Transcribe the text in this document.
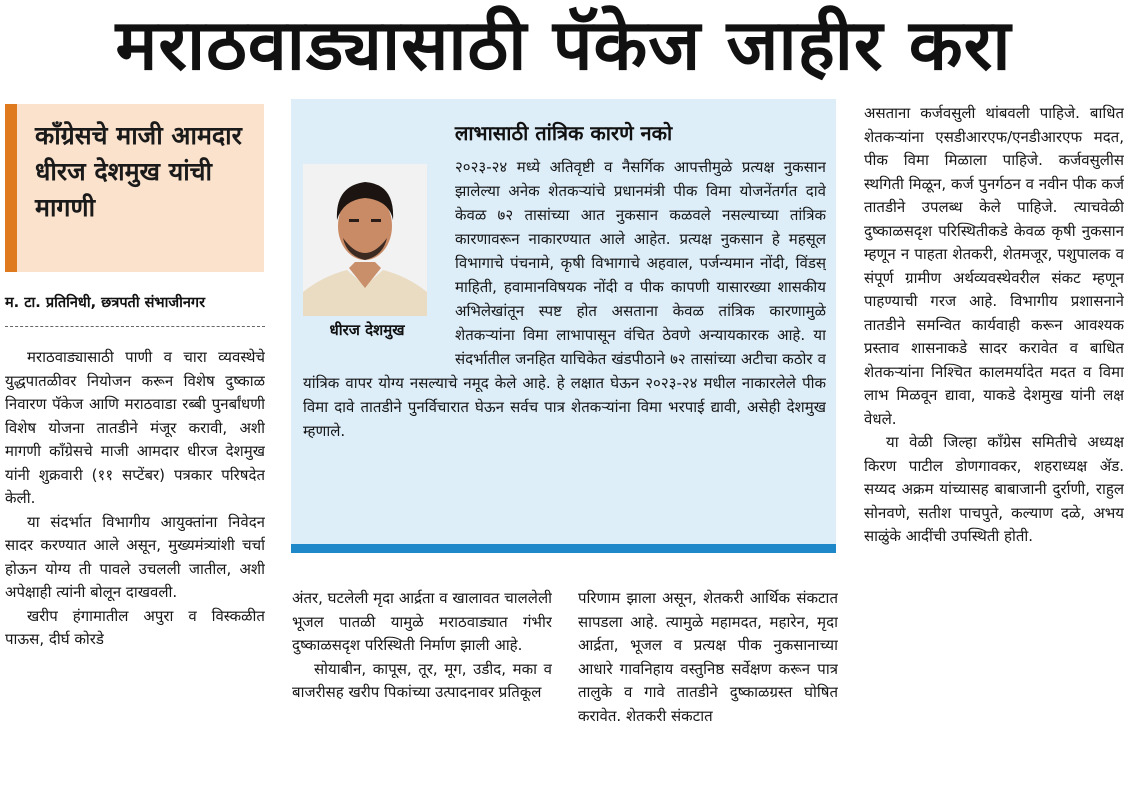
मराठवाड्यासाठी पॅकेज जाहीर करा
काँग्रेसचे माजी आमदार धीरज देशमुख यांची मागणी
म. टा. प्रतिनिधी, छत्रपती संभाजीनगर

मराठवाड्यासाठी पाणी व चारा व्यवस्थेचे युद्धपातळीवर नियोजन करून विशेष दुष्काळ निवारण पॅकेज आणि मराठवाडा रब्बी पुनर्बांधणी विशेष योजना तातडीने मंजूर करावी, अशी मागणी काँग्रेसचे माजी आमदार धीरज देशमुख यांनी शुक्रवारी (११ सप्टेंबर) पत्रकार परिषदेत केली.

या संदर्भात विभागीय आयुक्तांना निवेदन सादर करण्यात आले असून, मुख्यमंत्र्यांशी चर्चा होऊन योग्य ती पावले उचलली जातील, अशी अपेक्षाही त्यांनी बोलून दाखवली.

खरीप हंगामातील अपुरा व विस्कळीत पाऊस, दीर्घ कोरडे

लाभासाठी तांत्रिक कारणे नको

२०२३-२४ मध्ये अतिवृष्टी व नैसर्गिक आपत्तीमुळे प्रत्यक्ष नुकसान झालेल्या अनेक शेतकऱ्यांचे प्रधानमंत्री पीक विमा योजनेंतर्गत दावे केवळ ७२ तासांच्या आत नुकसान कळवले नसल्याच्या तांत्रिक कारणावरून नाकारण्यात आले आहेत. प्रत्यक्ष नुकसान हे महसूल विभागाचे पंचनामे, कृषी विभागाचे अहवाल, पर्जन्यमान नोंदी, विंडस् माहिती, हवामानविषयक नोंदी व पीक कापणी यासारख्या शासकीय अभिलेखांतून स्पष्ट होत असताना केवळ तांत्रिक कारणामुळे शेतकऱ्यांना विमा लाभापासून वंचित ठेवणे अन्यायकारक आहे. या संदर्भातील जनहित याचिकेत खंडपीठाने ७२ तासांच्या अटीचा कठोर व यांत्रिक वापर योग्य नसल्याचे नमूद केले आहे. हे लक्षात घेऊन २०२३-२४ मधील नाकारलेले पीक विमा दावे तातडीने पुनर्विचारात घेऊन सर्वच पात्र शेतकऱ्यांना विमा भरपाई द्यावी, असेही देशमुख म्हणाले.

धीरज देशमुख

अंतर, घटलेली मृदा आर्द्रता व खालावत चाललेली भूजल पातळी यामुळे मराठवाड्यात गंभीर दुष्काळसदृश परिस्थिती निर्माण झाली आहे.

सोयाबीन, कापूस, तूर, मूग, उडीद, मका व बाजरीसह खरीप पिकांच्या उत्पादनावर प्रतिकूल

परिणाम झाला असून, शेतकरी आर्थिक संकटात सापडला आहे. त्यामुळे महामदत, महारेन, मृदा आर्द्रता, भूजल व प्रत्यक्ष पीक नुकसानाच्या आधारे गावनिहाय वस्तुनिष्ठ सर्वेक्षण करून पात्र तालुके व गावे तातडीने दुष्काळग्रस्त घोषित करावेत. शेतकरी संकटात

असताना कर्जवसुली थांबवली पाहिजे. बाधित शेतकऱ्यांना एसडीआरएफ/एनडीआरएफ मदत, पीक विमा मिळाला पाहिजे. कर्जवसुलीस स्थगिती मिळून, कर्ज पुनर्गठन व नवीन पीक कर्ज तातडीने उपलब्ध केले पाहिजे. त्याचवेळी दुष्काळसदृश परिस्थितीकडे केवळ कृषी नुकसान म्हणून न पाहता शेतकरी, शेतमजूर, पशुपालक व संपूर्ण ग्रामीण अर्थव्यवस्थेवरील संकट म्हणून पाहण्याची गरज आहे. विभागीय प्रशासनाने तातडीने समन्वित कार्यवाही करून आवश्यक प्रस्ताव शासनाकडे सादर करावेत व बाधित शेतकऱ्यांना निश्चित कालमर्यादेत मदत व विमा लाभ मिळवून द्यावा, याकडे देशमुख यांनी लक्ष वेधले.

या वेळी जिल्हा काँग्रेस समितीचे अध्यक्ष किरण पाटील डोणगावकर, शहराध्यक्ष ॲड. सय्यद अक्रम यांच्यासह बाबाजानी दुर्राणी, राहुल सोनवणे, सतीश पाचपुते, कल्याण दळे, अभय साळुंके आदींची उपस्थिती होती.
